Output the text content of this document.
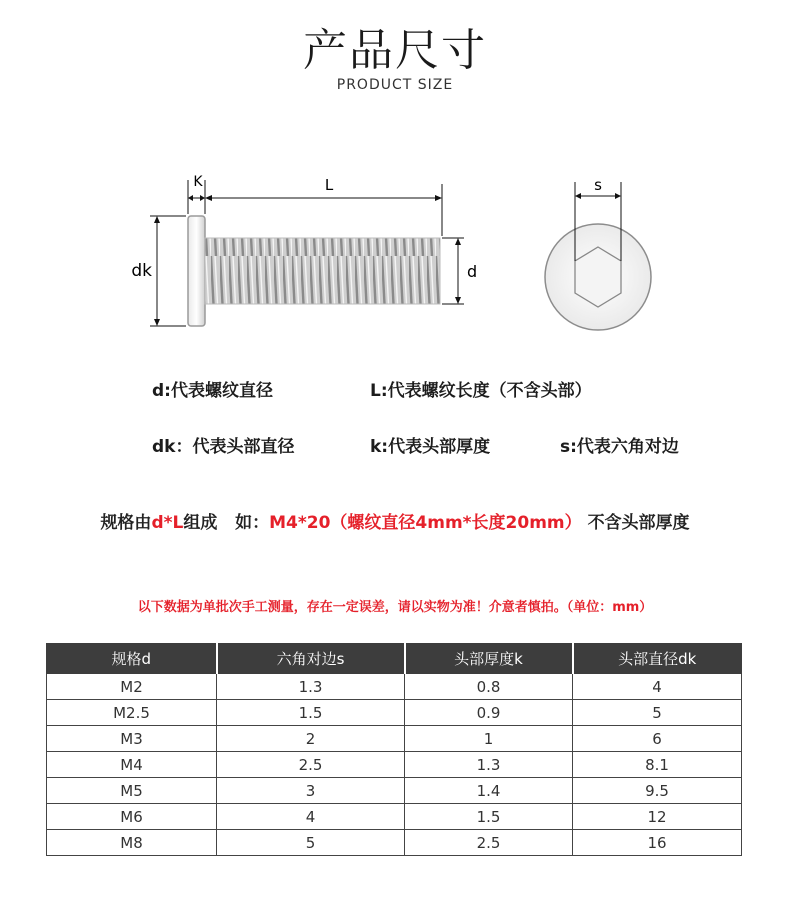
产品尺寸
PRODUCT SIZE
K	L
dk	d
s
d:代表螺纹直径	L:代表螺纹长度（不含头部）
dk：代表头部直径	k:代表头部厚度	s:代表六角对边
规格由d*L组成 如：M4*20（螺纹直径4mm*长度20mm） 不含头部厚度
以下数据为单批次手工测量，存在一定误差，请以实物为准！介意者慎拍。（单位：mm）
规格d	六角对边s	头部厚度k	头部直径dk
M2	1.3	0.8	4
M2.5	1.5	0.9	5
M3	2	1	6
M4	2.5	1.3	8.1
M5	3	1.4	9.5
M6	4	1.5	12
M8	5	2.5	16
